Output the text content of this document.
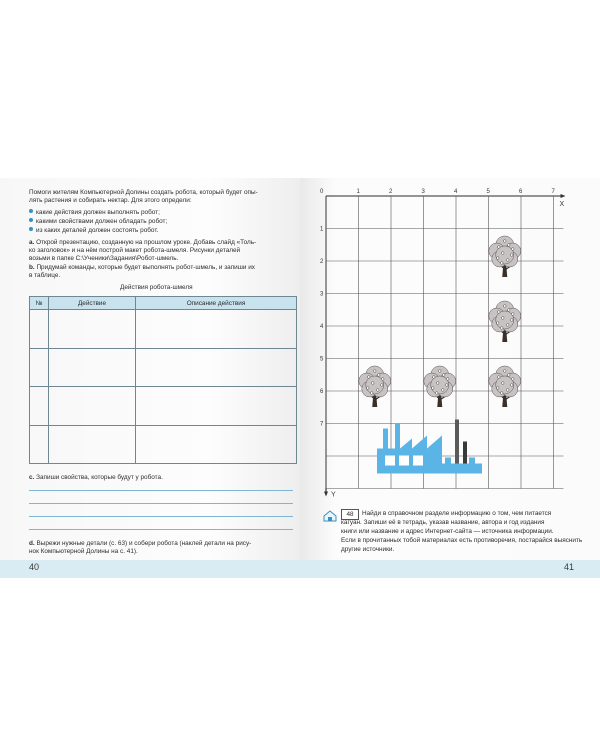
Помоги жителям Компьютерной Долины создать робота, который будет опы-
лять растения и собирать нектар. Для этого определи:
какие действия должен выполнять робот;
какими свойствами должен обладать робот;
из каких деталей должен состоять робот.
a. Открой презентацию, созданную на прошлом уроке. Добавь слайд «Толь-
ко заголовок» и на нём построй макет робота-шмеля. Рисунки деталей
возьми в папке С:\Ученики\Задания\Робот-шмель.
b. Придумай команды, которые будет выполнять робот-шмель, и запиши их
в таблице.
Действия робота-шмеля
№	Действие	Описание действия

c. Запиши свойства, которые будут у робота.
d. Вырежи нужные детали (с. 63) и собери робота (наклей детали на рису-
нок Компьютерной Долины на с. 41).
40
1	2	3	4	5	6	7
1
2
3
4
5
6
7
0
X
Y
48	Найди в справочном разделе информацию о том, чем питается
кагуан. Запиши её в тетрадь, указав название, автора и год издания
книги или название и адрес Интернет-сайта — источника информации.
Если в прочитанных тобой материалах есть противоречия, постарайся выяснить
другие источники.
41
